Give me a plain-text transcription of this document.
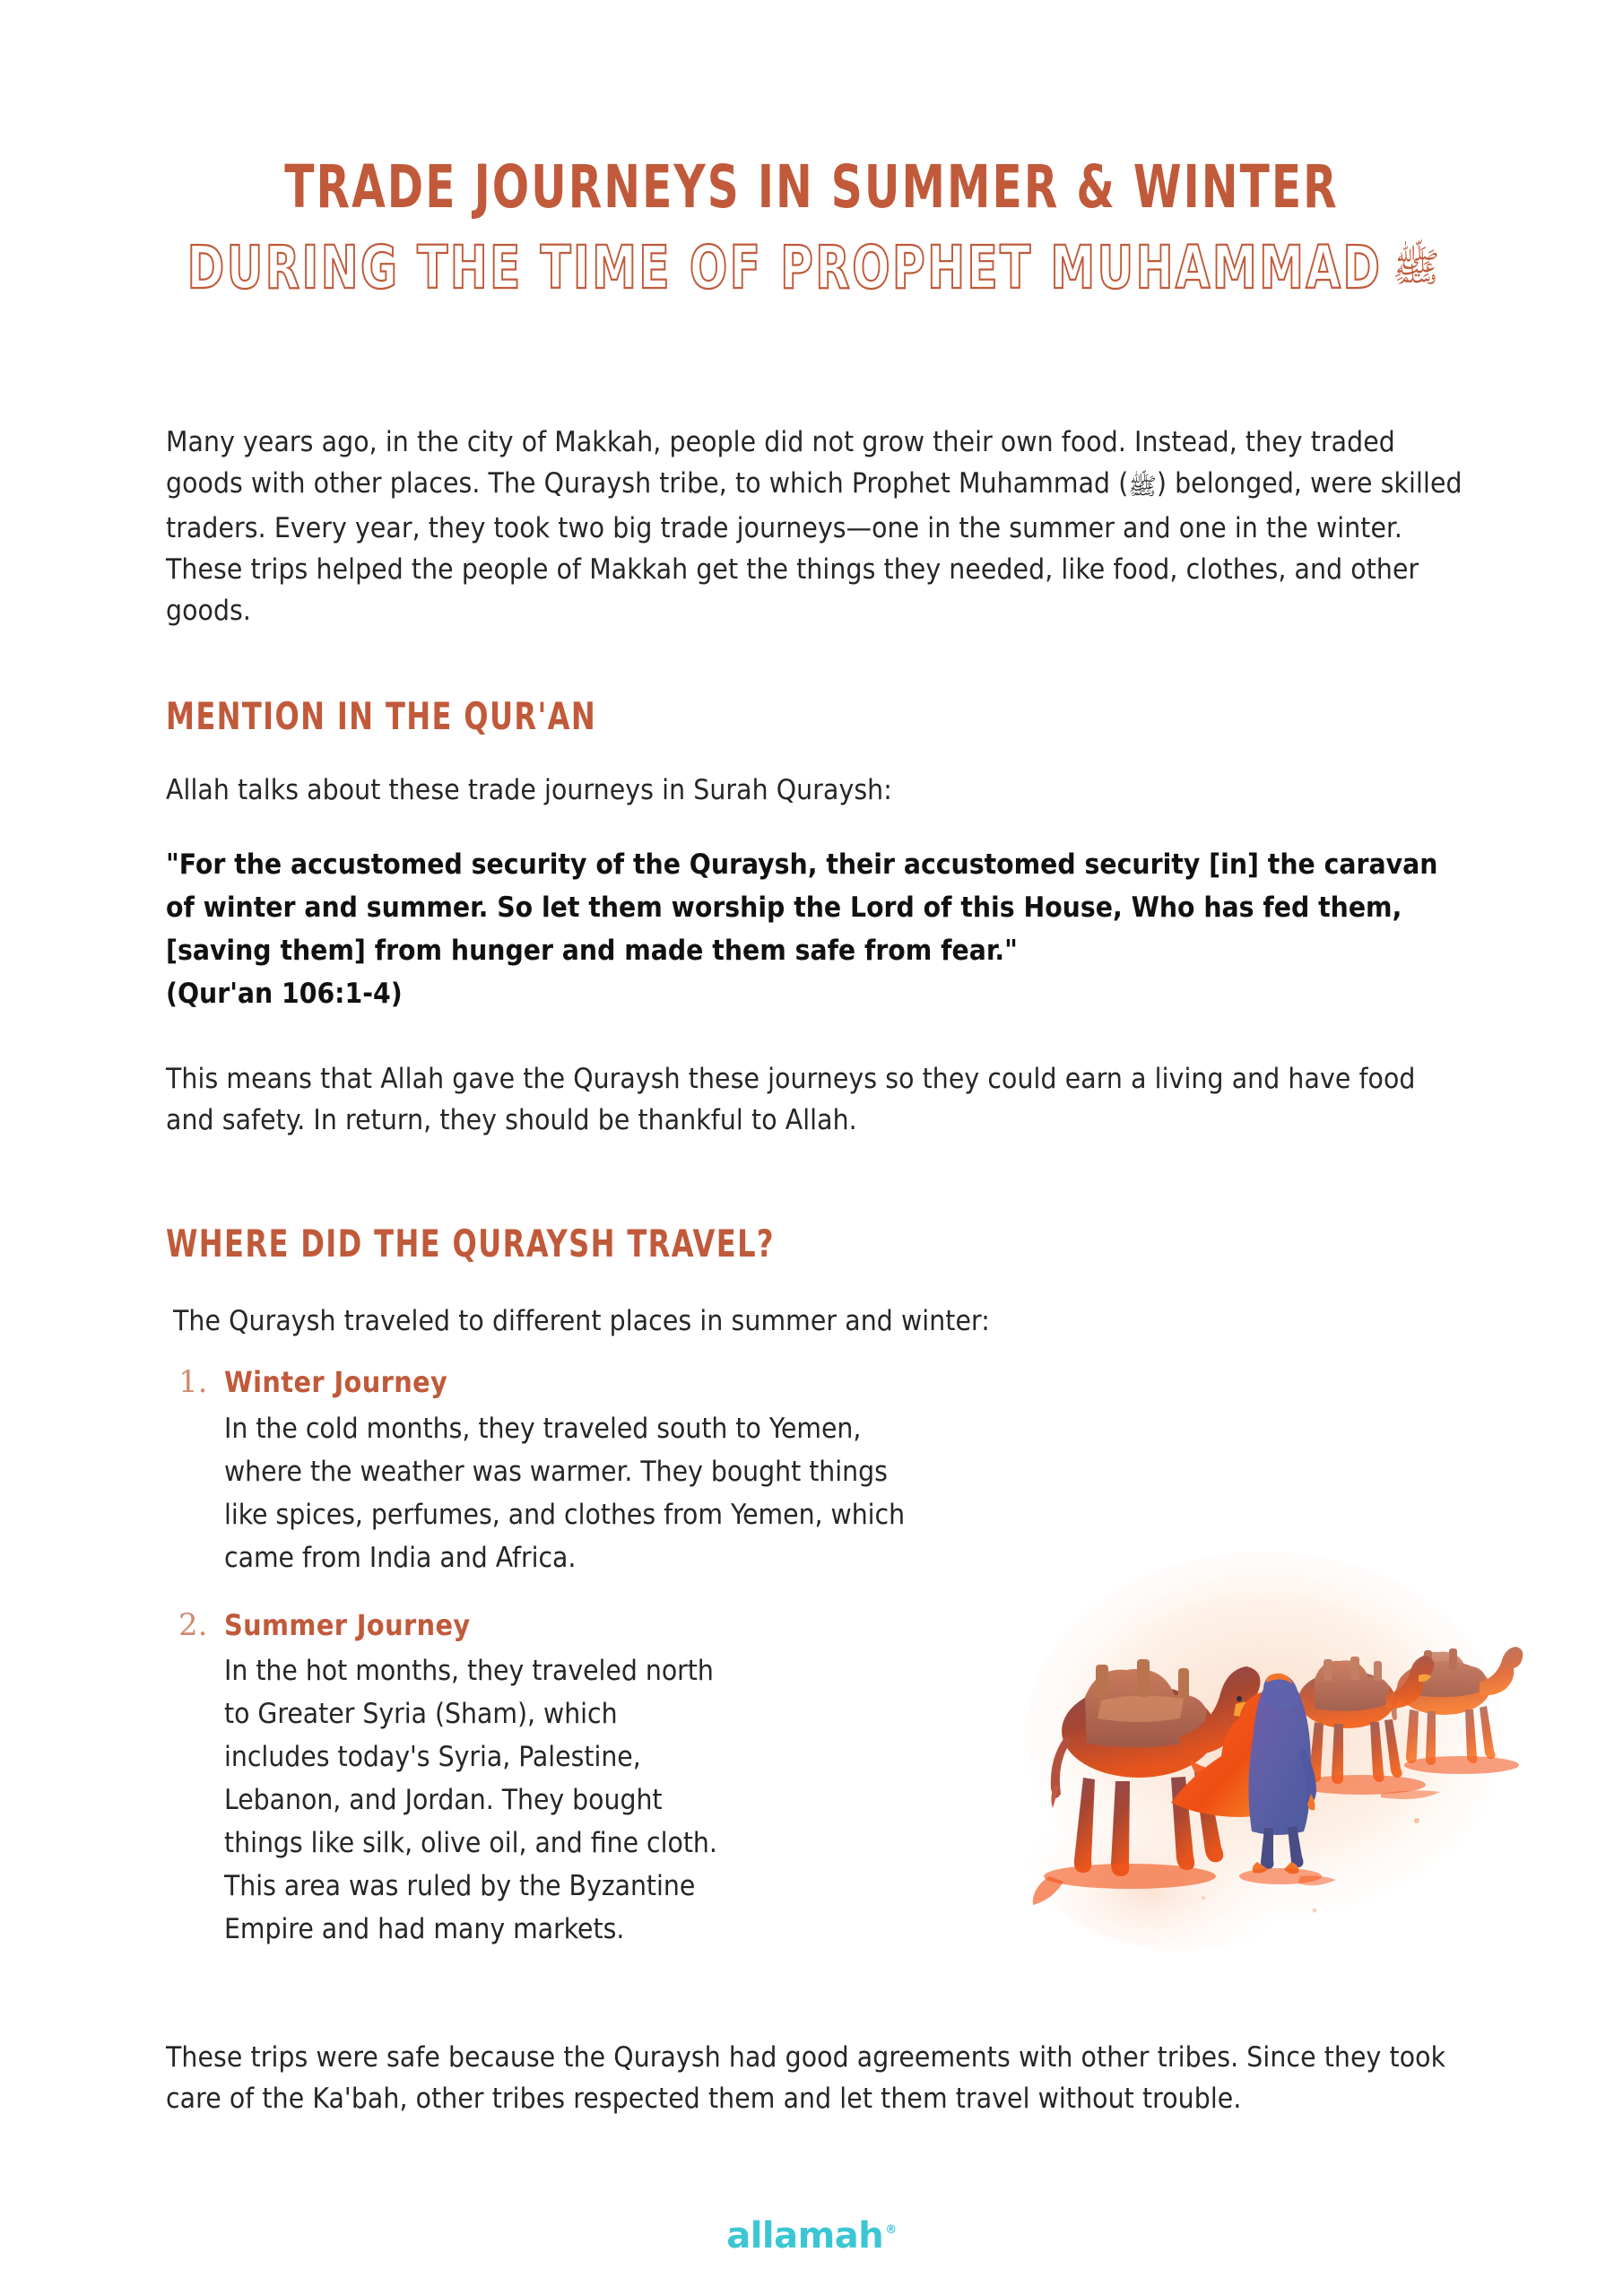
TRADE JOURNEYS IN SUMMER & WINTER
DURING THE TIME OF PROPHET MUHAMMAD ﷺ

Many years ago, in the city of Makkah, people did not grow their own food. Instead, they traded goods with other places. The Quraysh tribe, to which Prophet Muhammad (ﷺ) belonged, were skilled traders. Every year, they took two big trade journeys—one in the summer and one in the winter. These trips helped the people of Makkah get the things they needed, like food, clothes, and other goods.

MENTION IN THE QUR'AN

Allah talks about these trade journeys in Surah Quraysh:

"For the accustomed security of the Quraysh, their accustomed security [in] the caravan of winter and summer. So let them worship the Lord of this House, Who has fed them, [saving them] from hunger and made them safe from fear."

(Qur'an 106:1-4)

This means that Allah gave the Quraysh these journeys so they could earn a living and have food and safety. In return, they should be thankful to Allah.

WHERE DID THE QURAYSH TRAVEL?

The Quraysh traveled to different places in summer and winter:

1. Winter Journey

In the cold months, they traveled south to Yemen, where the weather was warmer. They bought things like spices, perfumes, and clothes from Yemen, which came from India and Africa.

2. Summer Journey

In the hot months, they traveled north to Greater Syria (Sham), which includes today's Syria, Palestine, Lebanon, and Jordan. They bought things like silk, olive oil, and fine cloth. This area was ruled by the Byzantine Empire and had many markets.

These trips were safe because the Quraysh had good agreements with other tribes. Since they took care of the Ka'bah, other tribes respected them and let them travel without trouble.

allamah ®
